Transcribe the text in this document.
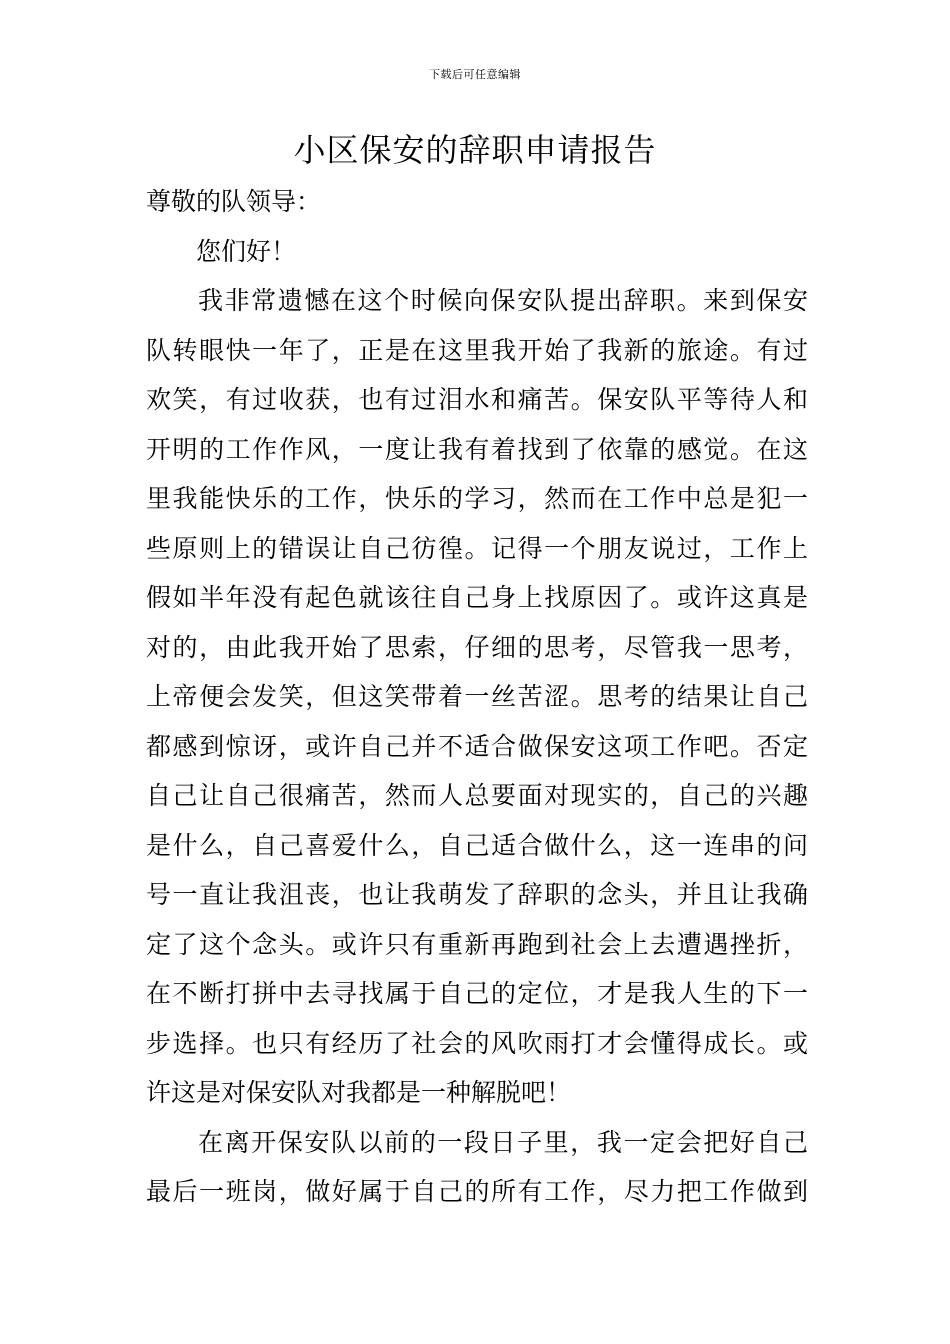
下载后可任意编辑
小区保安的辞职申请报告

尊敬的队领导：

您们好！

我非常遗憾在这个时候向保安队提出辞职。来到保安
队转眼快一年了，正是在这里我开始了我新的旅途。有过
欢笑，有过收获，也有过泪水和痛苦。保安队平等待人和
开明的工作作风，一度让我有着找到了依靠的感觉。在这
里我能快乐的工作，快乐的学习，然而在工作中总是犯一
些原则上的错误让自己彷徨。记得一个朋友说过，工作上
假如半年没有起色就该往自己身上找原因了。或许这真是
对的，由此我开始了思索，仔细的思考，尽管我一思考，
上帝便会发笑，但这笑带着一丝苦涩。思考的结果让自己
都感到惊讶，或许自己并不适合做保安这项工作吧。否定
自己让自己很痛苦，然而人总要面对现实的，自己的兴趣
是什么，自己喜爱什么，自己适合做什么，这一连串的问
号一直让我沮丧，也让我萌发了辞职的念头，并且让我确
定了这个念头。或许只有重新再跑到社会上去遭遇挫折，
在不断打拼中去寻找属于自己的定位，才是我人生的下一
步选择。也只有经历了社会的风吹雨打才会懂得成长。或
许这是对保安队对我都是一种解脱吧！
在离开保安队以前的一段日子里，我一定会把好自己
最后一班岗，做好属于自己的所有工作，尽力把工作做到
